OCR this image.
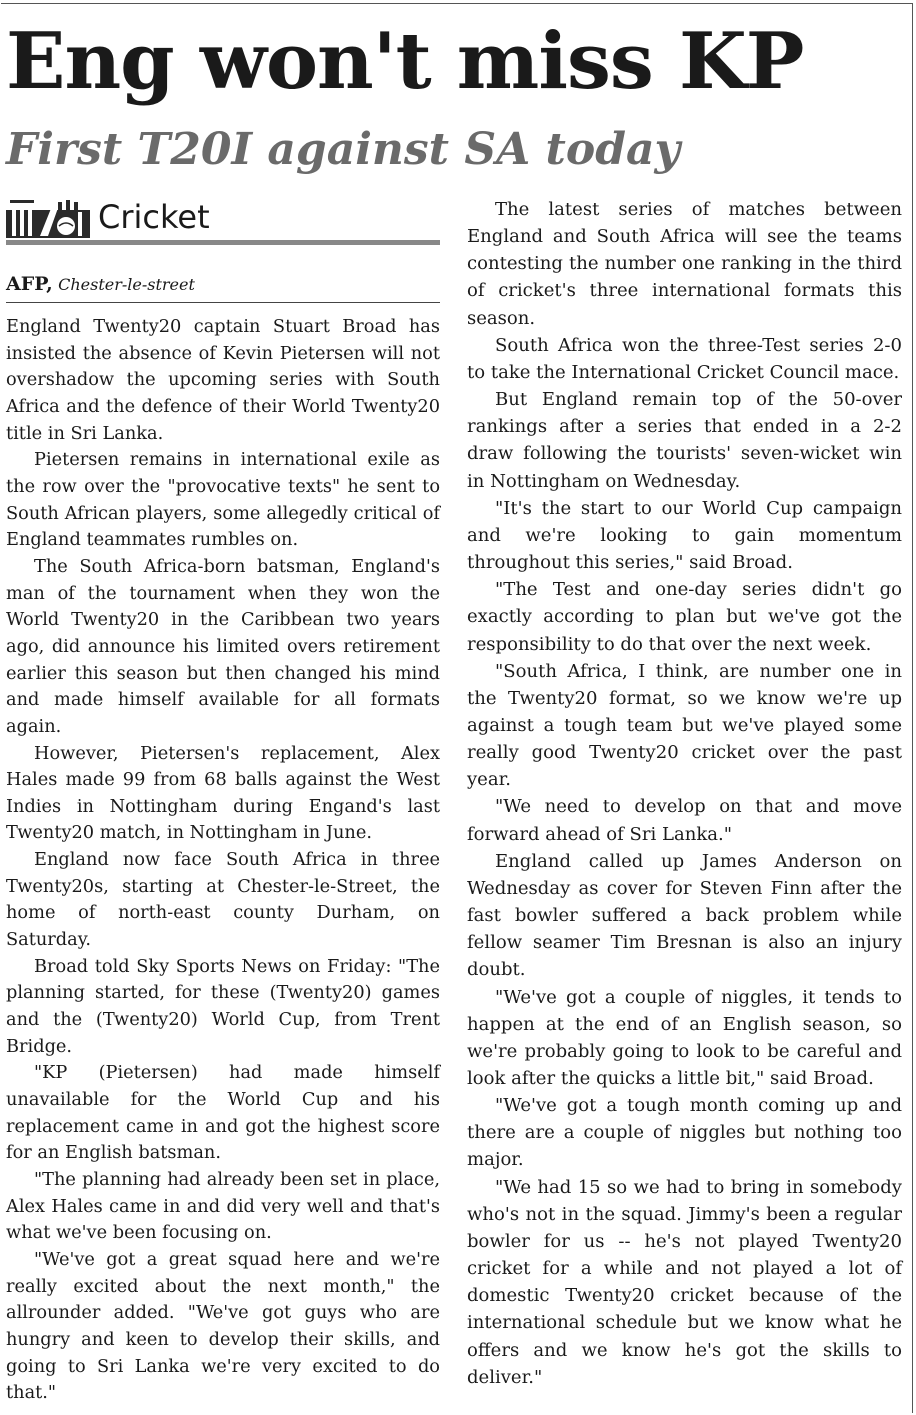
Eng won't miss KP
First T20I against SA today
Cricket
AFP, Chester-le-street

England Twenty20 captain Stuart Broad has insisted the absence of Kevin Pietersen will not overshadow the upcoming series with South Africa and the defence of their World Twenty20 title in Sri Lanka.

Pietersen remains in international exile as the row over the "provocative texts" he sent to South African players, some allegedly critical of England teammates rumbles on.

The South Africa-born batsman, England's man of the tournament when they won the World Twenty20 in the Caribbean two years ago, did announce his limited overs retirement earlier this season but then changed his mind and made himself available for all formats again.

However, Pietersen's replacement, Alex Hales made 99 from 68 balls against the West Indies in Nottingham during Engand's last Twenty20 match, in Nottingham in June.

England now face South Africa in three Twenty20s, starting at Chester-le-Street, the home of north-east county Durham, on Saturday.

Broad told Sky Sports News on Friday: "The planning started, for these (Twenty20) games and the (Twenty20) World Cup, from Trent Bridge.

"KP (Pietersen) had made himself unavailable for the World Cup and his replacement came in and got the highest score for an English batsman.

"The planning had already been set in place, Alex Hales came in and did very well and that's what we've been focusing on.

"We've got a great squad here and we're really excited about the next month," the allrounder added. "We've got guys who are hungry and keen to develop their skills, and going to Sri Lanka we're very excited to do that."

The latest series of matches between England and South Africa will see the teams contesting the number one ranking in the third of cricket's three international formats this season.

South Africa won the three-Test series 2-0 to take the International Cricket Council mace.

But England remain top of the 50-over rankings after a series that ended in a 2-2 draw following the tourists' seven-wicket win in Nottingham on Wednesday.

"It's the start to our World Cup campaign and we're looking to gain momentum throughout this series," said Broad.

"The Test and one-day series didn't go exactly according to plan but we've got the responsibility to do that over the next week.

"South Africa, I think, are number one in the Twenty20 format, so we know we're up against a tough team but we've played some really good Twenty20 cricket over the past year.

"We need to develop on that and move forward ahead of Sri Lanka."

England called up James Anderson on Wednesday as cover for Steven Finn after the fast bowler suffered a back problem while fellow seamer Tim Bresnan is also an injury doubt.

"We've got a couple of niggles, it tends to happen at the end of an English season, so we're probably going to look to be careful and look after the quicks a little bit," said Broad.

"We've got a tough month coming up and there are a couple of niggles but nothing too major.

"We had 15 so we had to bring in somebody who's not in the squad. Jimmy's been a regular bowler for us -- he's not played Twenty20 cricket for a while and not played a lot of domestic Twenty20 cricket because of the international schedule but we know what he offers and we know he's got the skills to deliver."
